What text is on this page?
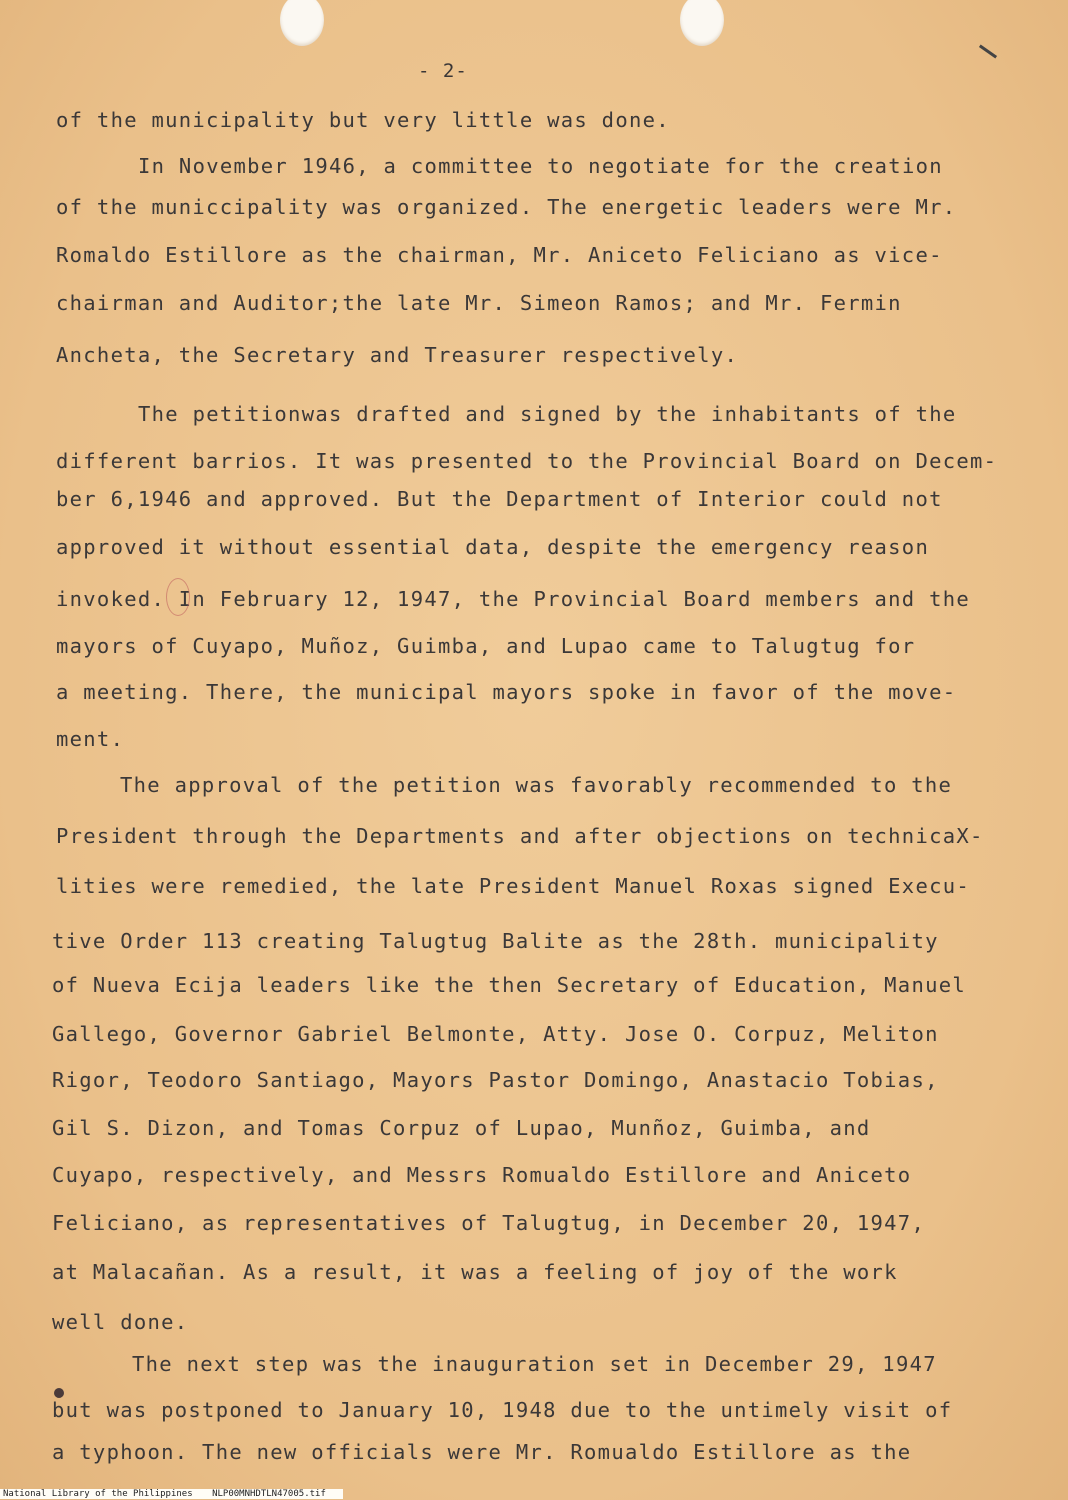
- 2-
of the municipality but very little was done.
In November 1946, a committee to negotiate for the creation
of the municcipality was organized. The energetic leaders were Mr.
Romaldo Estillore as the chairman, Mr. Aniceto Feliciano as vice-
chairman and Auditor;the late Mr. Simeon Ramos; and Mr. Fermin
Ancheta, the Secretary and Treasurer respectively.
The petitionwas drafted and signed by the inhabitants of the
different barrios. It was presented to the Provincial Board on Decem-
ber 6,1946 and approved. But the Department of Interior could not
approved it without essential data, despite the emergency reason
invoked. In February 12, 1947, the Provincial Board members and the
mayors of Cuyapo, Muñoz, Guimba, and Lupao came to Talugtug for
a meeting. There, the municipal mayors spoke in favor of the move-
ment.
The approval of the petition was favorably recommended to the
President through the Departments and after objections on technicaX-
lities were remedied, the late President Manuel Roxas signed Execu-
tive Order 113 creating Talugtug Balite as the 28th. municipality
of Nueva Ecija leaders like the then Secretary of Education, Manuel
Gallego, Governor Gabriel Belmonte, Atty. Jose O. Corpuz, Meliton
Rigor, Teodoro Santiago, Mayors Pastor Domingo, Anastacio Tobias,
Gil S. Dizon, and Tomas Corpuz of Lupao, Munñoz, Guimba, and
Cuyapo, respectively, and Messrs Romualdo Estillore and Aniceto
Feliciano, as representatives of Talugtug, in December 20, 1947,
at Malacañan. As a result, it was a feeling of joy of the work
well done.
The next step was the inauguration set in December 29, 1947
but was postponed to January 10, 1948 due to the untimely visit of
a typhoon. The new officials were Mr. Romualdo Estillore as the
National Library of the Philippines NLP00MNHDTLN47005.tif
